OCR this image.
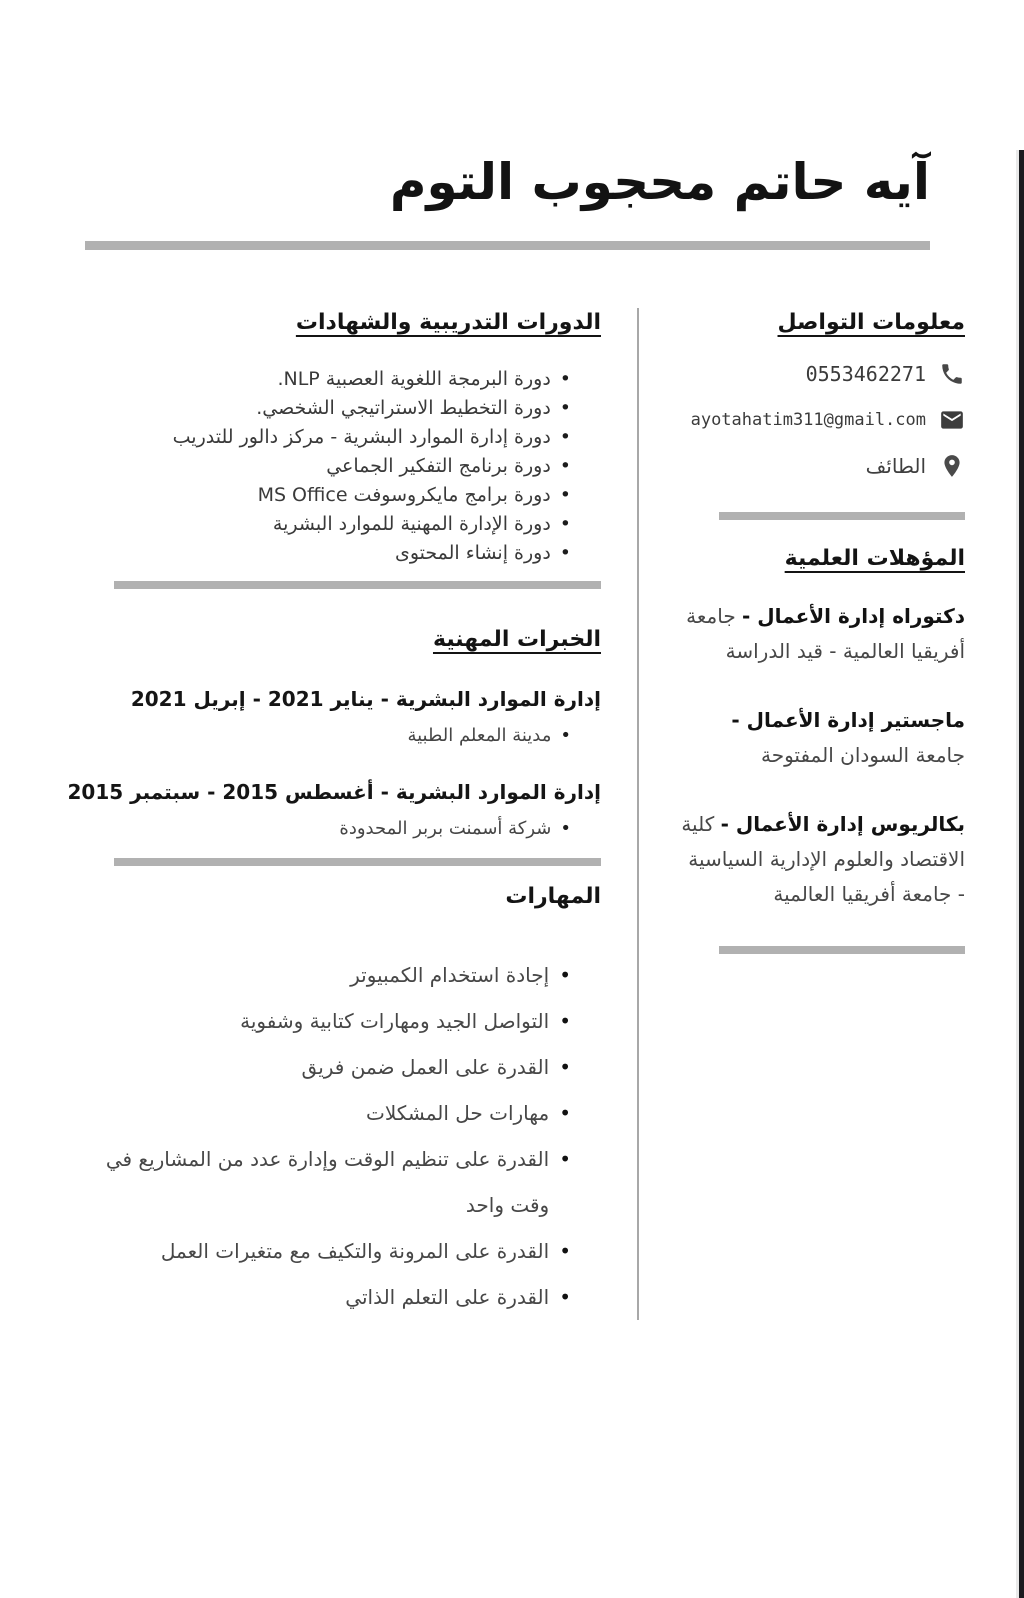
آيه حاتم محجوب التوم
معلومات التواصل
0553462271
ayotahatim311@gmail.com
الطائف
المؤهلات العلمية
دكتوراه إدارة الأعمال - جامعة أفريقيا العالمية - قيد الدراسة
ماجستير إدارة الأعمال - جامعة السودان المفتوحة
بكالريوس إدارة الأعمال - كلية الاقتصاد والعلوم الإدارية السياسية - جامعة أفريقيا العالمية
الدورات التدريبية والشهادات
• دورة البرمجة اللغوية العصبية NLP.
• دورة التخطيط الاستراتيجي الشخصي.
• دورة إدارة الموارد البشرية - مركز دالور للتدريب
• دورة برنامج التفكير الجماعي
• دورة برامج مايكروسوفت MS Office
• دورة الإدارة المهنية للموارد البشرية
• دورة إنشاء المحتوى
الخبرات المهنية
إدارة الموارد البشرية - يناير 2021 - إبريل 2021
• مدينة المعلم الطبية
إدارة الموارد البشرية - أغسطس 2015 - سبتمبر 2015
• شركة أسمنت بربر المحدودة
المهارات
• إجادة استخدام الكمبيوتر
• التواصل الجيد ومهارات كتابية وشفوية
• القدرة على العمل ضمن فريق
• مهارات حل المشكلات
• القدرة على تنظيم الوقت وإدارة عدد من المشاريع في وقت واحد
• القدرة على المرونة والتكيف مع متغيرات العمل
• القدرة على التعلم الذاتي
